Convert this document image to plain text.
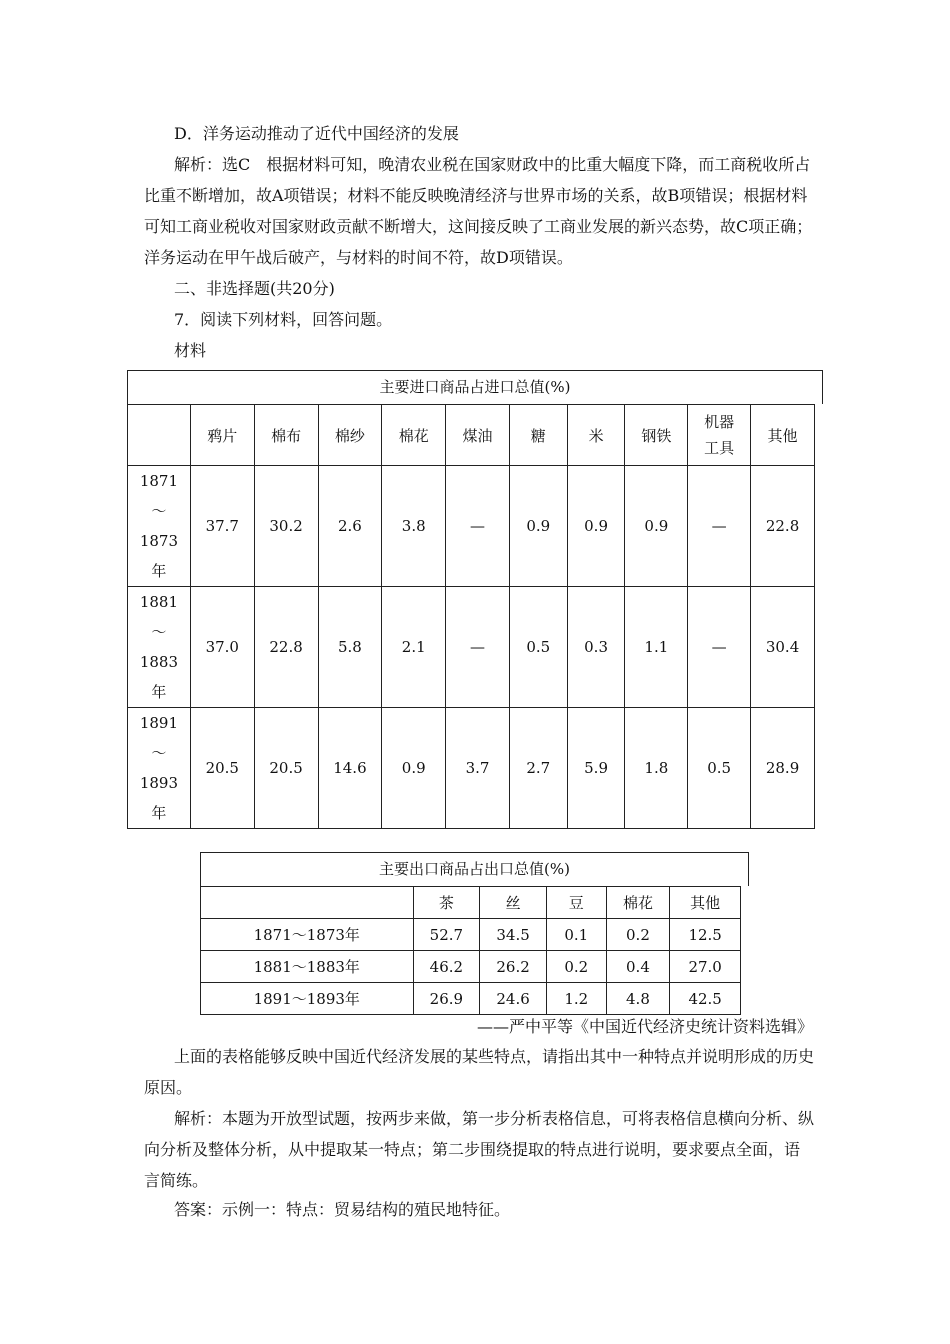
D．洋务运动推动了近代中国经济的发展

解析：选C　根据材料可知，晚清农业税在国家财政中的比重大幅度下降，而工商税收所占比重不断增加，故A项错误；材料不能反映晚清经济与世界市场的关系，故B项错误；根据材料可知工商业税收对国家财政贡献不断增大，这间接反映了工商业发展的新兴态势，故C项正确；洋务运动在甲午战后破产，与材料的时间不符，故D项错误。

二、非选择题(共20分)

7．阅读下列材料，回答问题。

材料

主要进口商品占进口总值(%)
	鸦片	棉布	棉纱	棉花	煤油	糖	米	钢铁	机器工具	其他

1871
～
1873
年	37.7	30.2	2.6	3.8	—	0.9	0.9	0.9	—	22.8

1881
～
1883
年	37.0	22.8	5.8	2.1	—	0.5	0.3	1.1	—	30.4

1891
～
1893
年	20.5	20.5	14.6	0.9	3.7	2.7	5.9	1.8	0.5	28.9
主要出口商品占出口总值(%)
	茶	丝	豆	棉花	其他
1871～1873年	52.7	34.5	0.1	0.2	12.5
1881～1883年	46.2	26.2	0.2	0.4	27.0
1891～1893年	26.9	24.6	1.2	4.8	42.5
——严中平等《中国近代经济史统计资料选辑》

上面的表格能够反映中国近代经济发展的某些特点，请指出其中一种特点并说明形成的历史原因。

解析：本题为开放型试题，按两步来做，第一步分析表格信息，可将表格信息横向分析、纵向分析及整体分析，从中提取某一特点；第二步围绕提取的特点进行说明，要求要点全面，语言简练。

答案：示例一：特点：贸易结构的殖民地特征。
